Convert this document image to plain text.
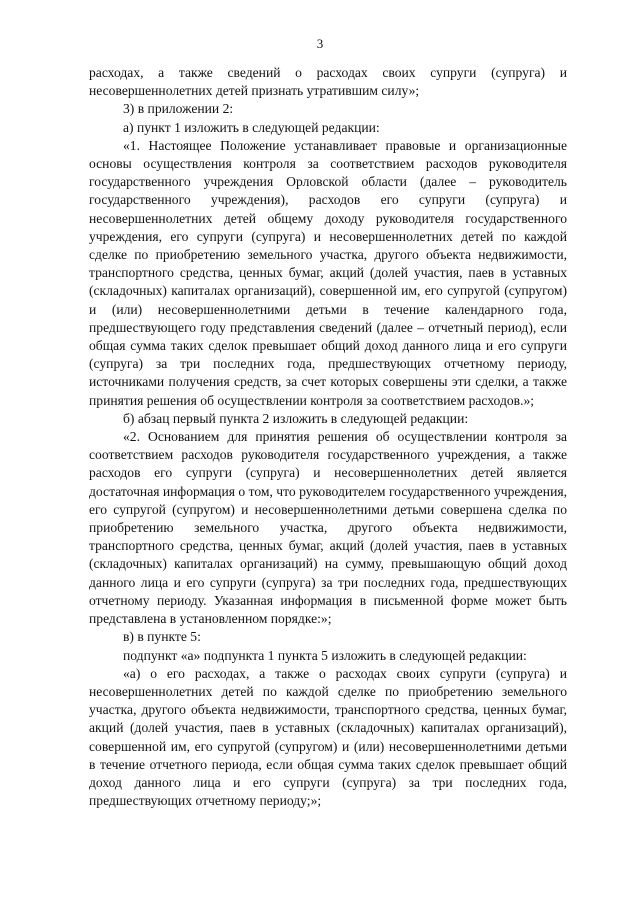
3

расходах, а также сведений о расходах своих супруги (супруга) и несовершеннолетних детей признать утратившим силу»;

3) в приложении 2:

а) пункт 1 изложить в следующей редакции:

«1. Настоящее Положение устанавливает правовые и организационные основы осуществления контроля за соответствием расходов руководителя государственного учреждения Орловской области (далее – руководитель государственного учреждения), расходов его супруги (супруга) и несовершеннолетних детей общему доходу руководителя государственного учреждения, его супруги (супруга) и несовершеннолетних детей по каждой сделке по приобретению земельного участка, другого объекта недвижимости, транспортного средства, ценных бумаг, акций (долей участия, паев в уставных (складочных) капиталах организаций), совершенной им, его супругой (супругом) и (или) несовершеннолетними детьми в течение календарного года, предшествующего году представления сведений (далее – отчетный период), если общая сумма таких сделок превышает общий доход данного лица и его супруги (супруга) за три последних года, предшествующих отчетному периоду, источниками получения средств, за счет которых совершены эти сделки, а также принятия решения об осуществлении контроля за соответствием расходов.»;

б) абзац первый пункта 2 изложить в следующей редакции:

«2. Основанием для принятия решения об осуществлении контроля за соответствием расходов руководителя государственного учреждения, а также расходов его супруги (супруга) и несовершеннолетних детей является достаточная информация о том, что руководителем государственного учреждения, его супругой (супругом) и несовершеннолетними детьми совершена сделка по приобретению земельного участка, другого объекта недвижимости, транспортного средства, ценных бумаг, акций (долей участия, паев в уставных (складочных) капиталах организаций) на сумму, превышающую общий доход данного лица и его супруги (супруга) за три последних года, предшествующих отчетному периоду. Указанная информация в письменной форме может быть представлена в установленном порядке:»;

в) в пункте 5:

подпункт «а» подпункта 1 пункта 5 изложить в следующей редакции:

«а) о его расходах, а также о расходах своих супруги (супруга) и несовершеннолетних детей по каждой сделке по приобретению земельного участка, другого объекта недвижимости, транспортного средства, ценных бумаг, акций (долей участия, паев в уставных (складочных) капиталах организаций), совершенной им, его супругой (супругом) и (или) несовершеннолетними детьми в течение отчетного периода, если общая сумма таких сделок превышает общий доход данного лица и его супруги (супруга) за три последних года, предшествующих отчетному периоду;»;
